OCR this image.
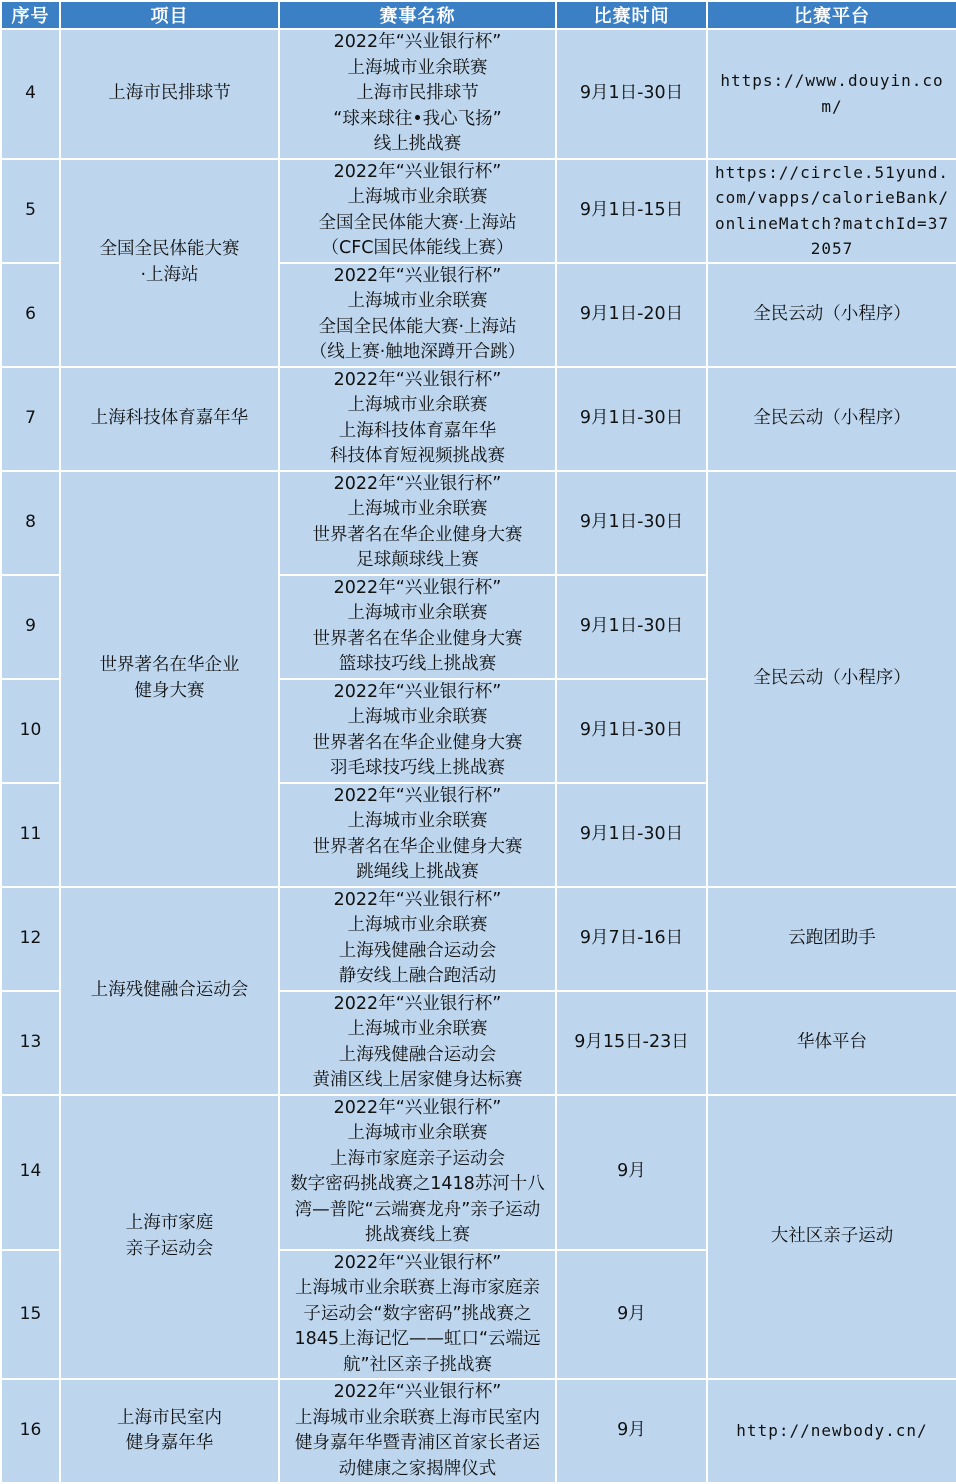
序号	项目	赛事名称	比赛时间	比赛平台
4	上海市民排球节	2022年“兴业银行杯”
上海城市业余联赛
上海市民排球节
“球来球往•我心飞扬”
线上挑战赛	9月1日-30日	https://www.douyin.com/
5	全国全民体能大赛
·上海站	2022年“兴业银行杯”
上海城市业余联赛
全国全民体能大赛·上海站
（CFC国民体能线上赛）	9月1日-15日	https://circle.51yund.com/vapps/calorieBank/onlineMatch?matchId=372057
6		2022年“兴业银行杯”
上海城市业余联赛
全国全民体能大赛·上海站
（线上赛·触地深蹲开合跳）	9月1日-20日	全民云动（小程序）
7	上海科技体育嘉年华	2022年“兴业银行杯”
上海城市业余联赛
上海科技体育嘉年华
科技体育短视频挑战赛	9月1日-30日	全民云动（小程序）
8	世界著名在华企业
健身大赛	2022年“兴业银行杯”
上海城市业余联赛
世界著名在华企业健身大赛
足球颠球线上赛	9月1日-30日	全民云动（小程序）
9		2022年“兴业银行杯”
上海城市业余联赛
世界著名在华企业健身大赛
篮球技巧线上挑战赛	9月1日-30日	
10		2022年“兴业银行杯”
上海城市业余联赛
世界著名在华企业健身大赛
羽毛球技巧线上挑战赛	9月1日-30日	
11		2022年“兴业银行杯”
上海城市业余联赛
世界著名在华企业健身大赛
跳绳线上挑战赛	9月1日-30日	
12	上海残健融合运动会	2022年“兴业银行杯”
上海城市业余联赛
上海残健融合运动会
静安线上融合跑活动	9月7日-16日	云跑团助手
13		2022年“兴业银行杯”
上海城市业余联赛
上海残健融合运动会
黄浦区线上居家健身达标赛	9月15日-23日	华体平台
14	上海市家庭
亲子运动会	2022年“兴业银行杯”
上海城市业余联赛
上海市家庭亲子运动会
数字密码挑战赛之1418苏河十八湾—普陀“云端赛龙舟”亲子运动挑战赛线上赛	9月	大社区亲子运动
15		2022年“兴业银行杯”
上海城市业余联赛上海市家庭亲子运动会“数字密码”挑战赛之1845上海记忆——虹口“云端远航”社区亲子挑战赛	9月	
16	上海市民室内
健身嘉年华	2022年“兴业银行杯”
上海城市业余联赛上海市民室内健身嘉年华暨青浦区首家长者运动健康之家揭牌仪式	9月	http://newbody.cn/
